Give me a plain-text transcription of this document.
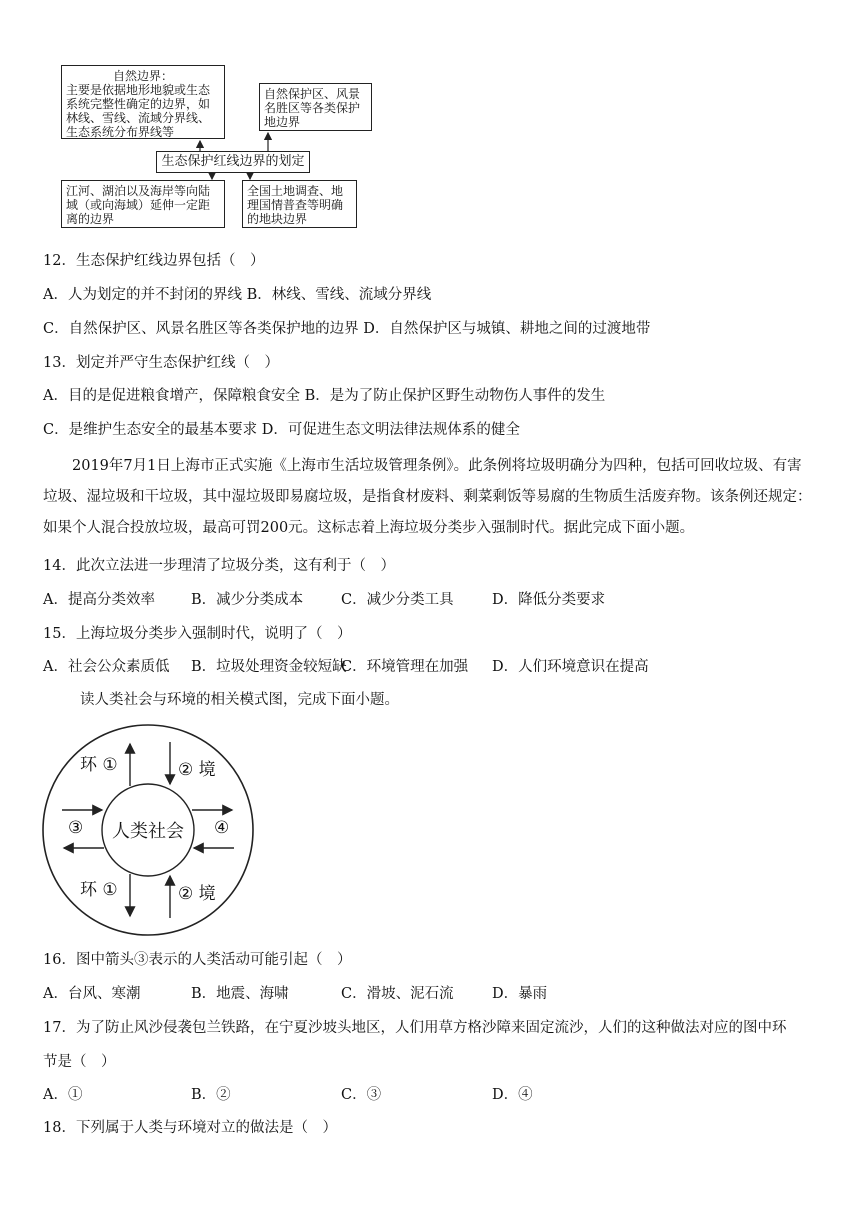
自然边界：
主要是依据地形地貌或生态系统完整性确定的边界，如林线、雪线、流域分界线、生态系统分布界线等
自然保护区、风景名胜区等各类保护地边界
生态保护红线边界的划定
江河、湖泊以及海岸等向陆域（或向海域）延伸一定距离的边界
全国土地调查、地理国情普查等明确的地块边界
12．生态保护红线边界包括（　）
A．人为划定的并不封闭的界线 B．林线、雪线、流域分界线
C．自然保护区、风景名胜区等各类保护地的边界 D．自然保护区与城镇、耕地之间的过渡地带
13．划定并严守生态保护红线（　）
A．目的是促进粮食增产，保障粮食安全 B．是为了防止保护区野生动物伤人事件的发生
C．是维护生态安全的最基本要求 D．可促进生态文明法律法规体系的健全
2019年7月1日上海市正式实施《上海市生活垃圾管理条例》。此条例将垃圾明确分为四种，包括可回收垃圾、有害垃圾、湿垃圾和干垃圾，其中湿垃圾即易腐垃圾，是指食材废料、剩菜剩饭等易腐的生物质生活废弃物。该条例还规定：如果个人混合投放垃圾，最高可罚200元。这标志着上海垃圾分类步入强制时代。据此完成下面小题。
14．此次立法进一步理清了垃圾分类，这有利于（　）
A．提高分类效率 B．减少分类成本	C．减少分类工具	D．降低分类要求
15．上海垃圾分类步入强制时代，说明了（　）
A．社会公众素质低 B．垃圾处理资金较短缺
C．环境管理在加强 D．人们环境意识在提高
读人类社会与环境的相关模式图，完成下面小题。
环 ①	② 境
③ 人类社会 ④
环 ①	② 境
16．图中箭头③表示的人类活动可能引起（　）
A．台风、寒潮	B．地震、海啸	C．滑坡、泥石流	D．暴雨
17．为了防止风沙侵袭包兰铁路，在宁夏沙坡头地区，人们用草方格沙障来固定流沙，人们的这种做法对应的图中环
节是（　）
A．①	B．②	C．③	D．④
18．下列属于人类与环境对立的做法是（　）
